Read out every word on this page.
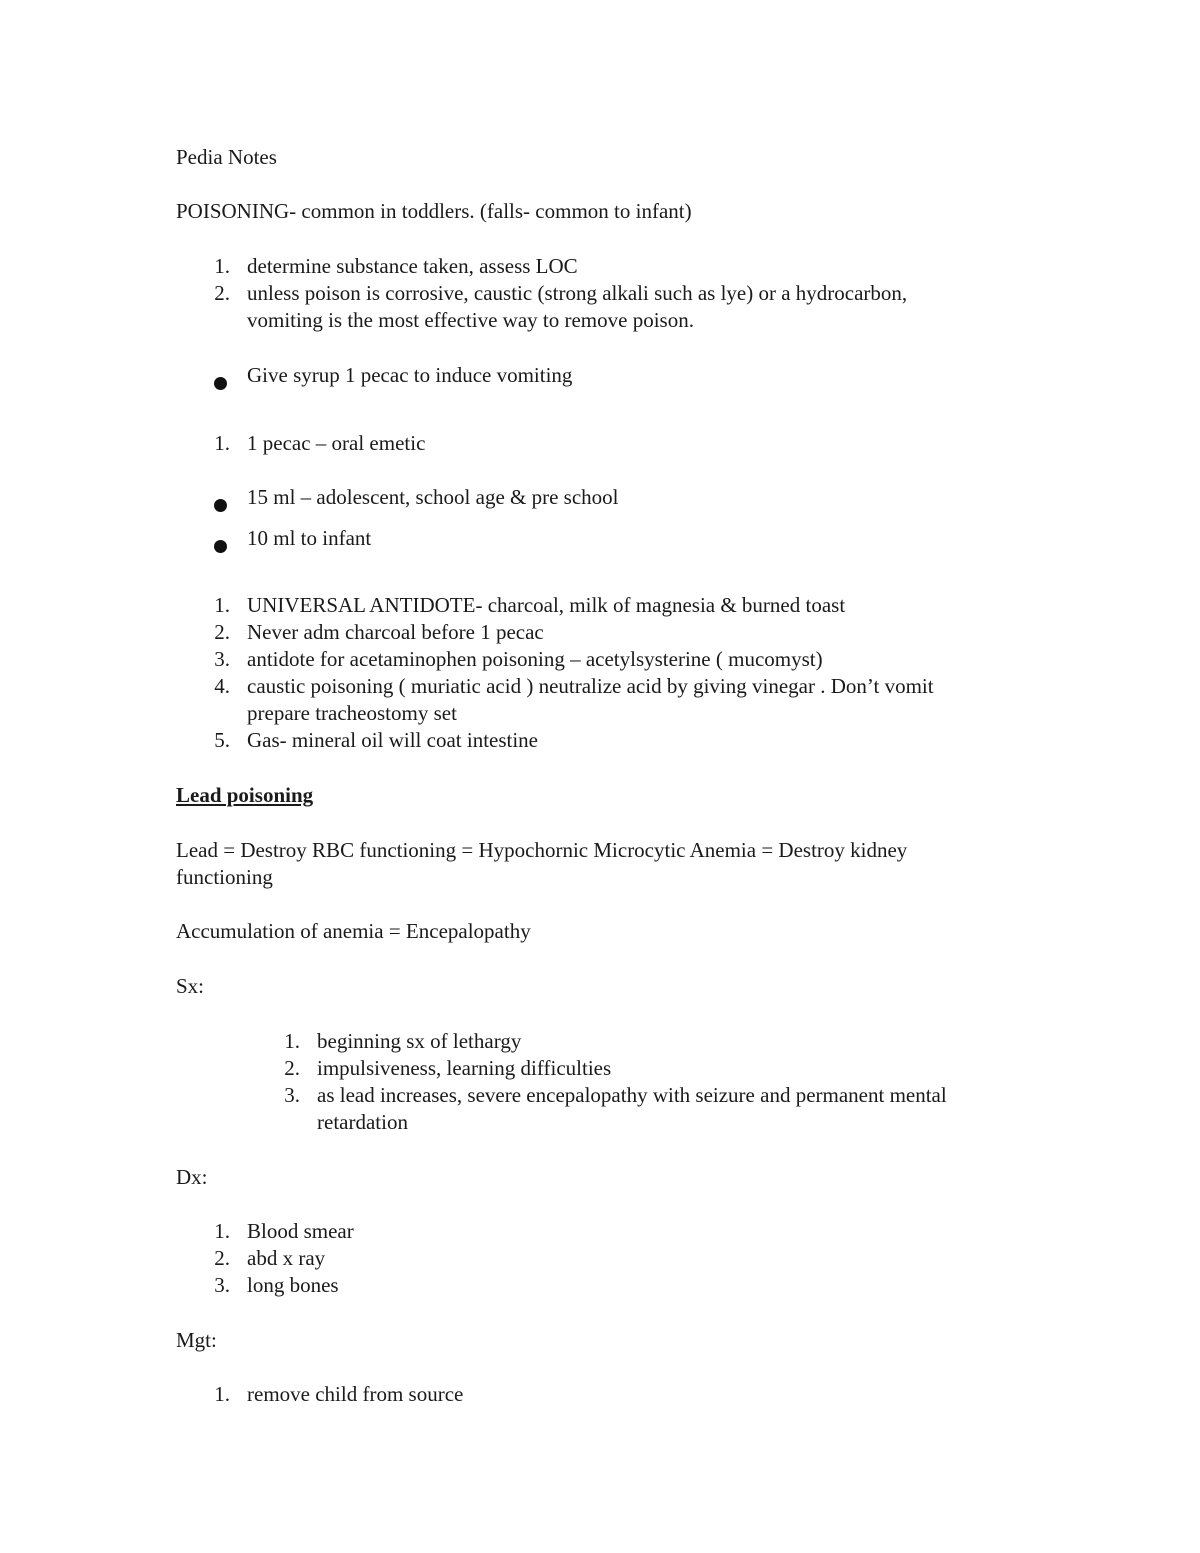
Pedia Notes
POISONING- common in toddlers. (falls- common to infant)
1. determine substance taken, assess LOC
2. unless poison is corrosive, caustic (strong alkali such as lye) or a hydrocarbon,
vomiting is the most effective way to remove poison.
Give syrup 1 pecac to induce vomiting
1. 1 pecac – oral emetic
15 ml – adolescent, school age & pre school
10 ml to infant
1. UNIVERSAL ANTIDOTE- charcoal, milk of magnesia & burned toast
2. Never adm charcoal before 1 pecac
3. antidote for acetaminophen poisoning – acetylsysterine ( mucomyst)
4. caustic poisoning ( muriatic acid ) neutralize acid by giving vinegar . Don’t vomit
prepare tracheostomy set
5. Gas- mineral oil will coat intestine
Lead poisoning
Lead = Destroy RBC functioning = Hypochornic Microcytic Anemia = Destroy kidney
functioning
Accumulation of anemia = Encepalopathy
Sx:
1. beginning sx of lethargy
2. impulsiveness, learning difficulties
3. as lead increases, severe encepalopathy with seizure and permanent mental
retardation
Dx:
1. Blood smear
2. abd x ray
3. long bones
Mgt:
1. remove child from source
